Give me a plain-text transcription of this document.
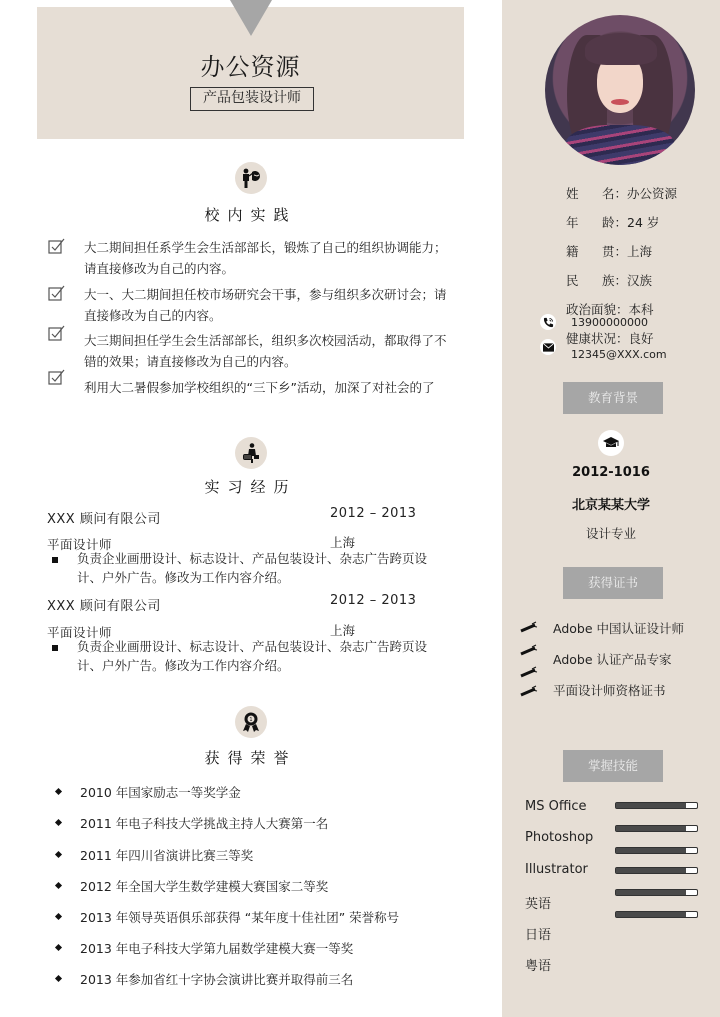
办公资源
产品包装设计师
校内实践
大二期间担任系学生会生活部部长，锻炼了自己的组织协调能力；请直接修改为自己的内容。
大一、大二期间担任校市场研究会干事，参与组织多次研讨会；请直接修改为自己的内容。
大三期间担任学生会生活部部长，组织多次校园活动，都取得了不错的效果；请直接修改为自己的内容。
利用大二暑假参加学校组织的“三下乡”活动，加深了对社会的了
实习经历
XXX 顾问有限公司	2012 – 2013
平面设计师	上海
负责企业画册设计、标志设计、产品包装设计、杂志广告跨页设计、户外广告。修改为工作内容介绍。
XXX 顾问有限公司	2012 – 2013
平面设计师	上海
负责企业画册设计、标志设计、产品包装设计、杂志广告跨页设计、户外广告。修改为工作内容介绍。
1
获得荣誉
2010 年国家励志一等奖学金
2011 年电子科技大学挑战主持人大赛第一名
2011 年四川省演讲比赛三等奖
2012 年全国大学生数学建模大赛国家二等奖
2013 年领导英语俱乐部获得 “某年度十佳社团” 荣誉称号
2013 年电子科技大学第九届数学建模大赛一等奖
2013 年参加省红十字协会演讲比赛并取得前三名
姓 名：办公资源
年 龄：24 岁
籍 贯：上海
民 族：汉族
政治面貌：本科
13900000000
健康状况：良好
12345@XXX.com
教育背景
2012-1016
北京某某大学
设计专业
获得证书
Adobe 中国认证设计师
Adobe 认证产品专家
平面设计师资格证书
掌握技能
MS Office
Photoshop
Illustrator
英语
日语
粤语
